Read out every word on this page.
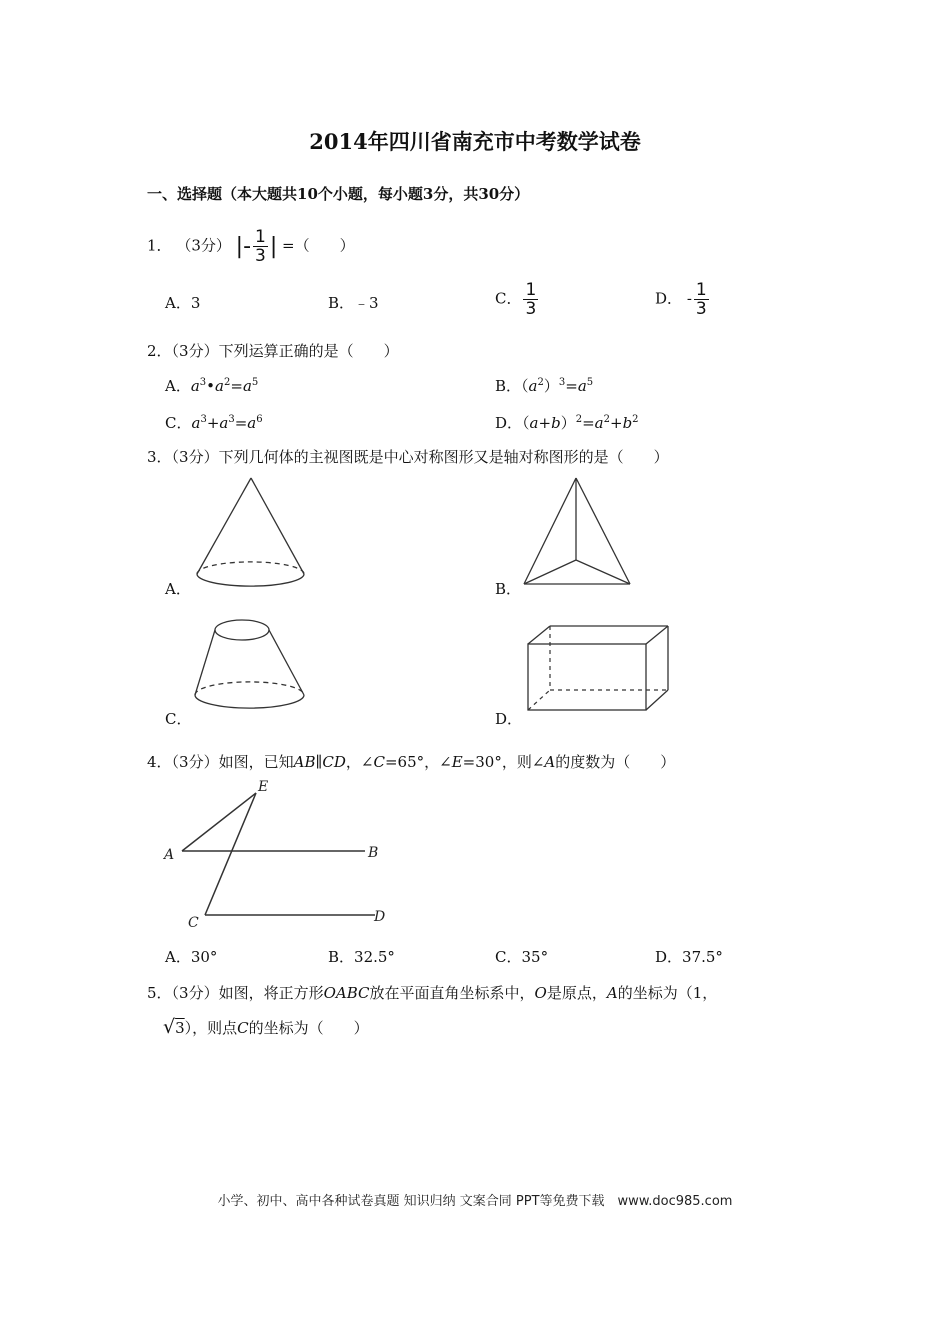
2014年四川省南充市中考数学试卷
一、选择题（本大题共10个小题，每小题3分，共30分）
1． （3分） |- $\frac{1}{3}$ | =（　　）
A．3	B．﹣3	C． $\frac{1}{3}$	D． - $\frac{1}{3}$
2．（3分）下列运算正确的是（　　）
A．$a^3•a^2=a^5$	B．$(a^2)^3=a^5$
C．$a^3+a^3=a^6$	D．$(a+b)^2=a^2+b^2$
3．（3分）下列几何体的主视图既是中心对称图形又是轴对称图形的是（　　）
A．	B．
C．	D．
4．（3分）如图，已知AB∥CD，∠C=65°，∠E=30°，则∠A的度数为（　　）
E
A	B
C	D
A．30°	B．32.5°	C．35°	D．37.5°
5．（3分）如图，将正方形OABC放在平面直角坐标系中，O是原点，A的坐标为（1，
√3），则点C的坐标为（　　）
小学、初中、高中各种试卷真题 知识归纳 文案合同 PPT等免费下载　www.doc985.com
